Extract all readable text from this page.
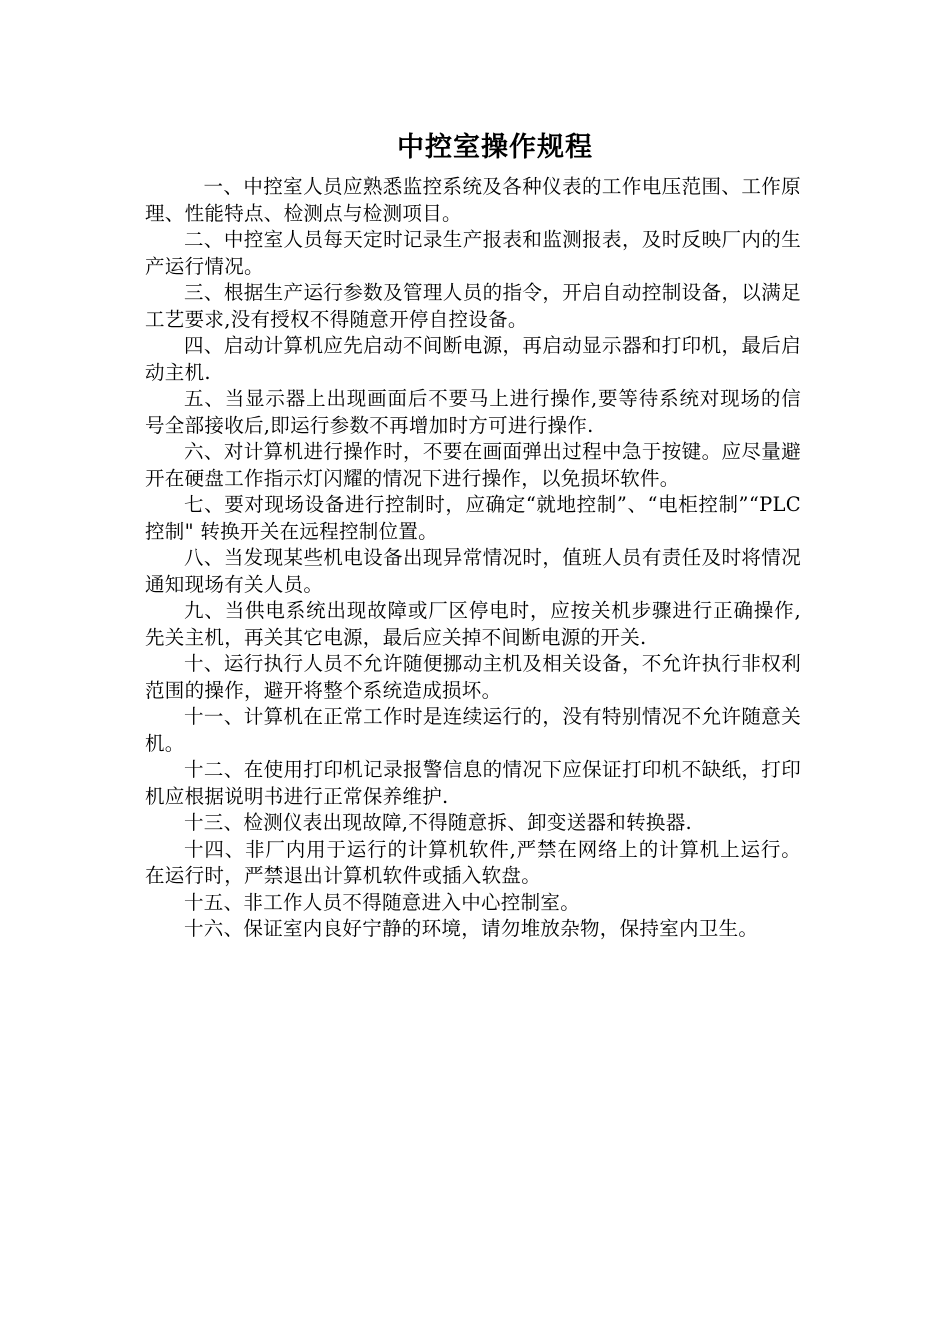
中控室操作规程

一、中控室人员应熟悉监控系统及各种仪表的工作电压范围、工作原理、性能特点、检测点与检测项目。

二、中控室人员每天定时记录生产报表和监测报表，及时反映厂内的生产运行情况。

三、根据生产运行参数及管理人员的指令，开启自动控制设备，以满足工艺要求,没有授权不得随意开停自控设备。

四、启动计算机应先启动不间断电源，再启动显示器和打印机，最后启动主机.

五、当显示器上出现画面后不要马上进行操作,要等待系统对现场的信号全部接收后,即运行参数不再增加时方可进行操作.

六、对计算机进行操作时，不要在画面弹出过程中急于按键。应尽量避开在硬盘工作指示灯闪耀的情况下进行操作，以免损坏软件。

七、要对现场设备进行控制时，应确定“就地控制”、“电柜控制”“PLC控制" 转换开关在远程控制位置。

八、当发现某些机电设备出现异常情况时，值班人员有责任及时将情况通知现场有关人员。

九、当供电系统出现故障或厂区停电时，应按关机步骤进行正确操作,先关主机，再关其它电源，最后应关掉不间断电源的开关.

十、运行执行人员不允许随便挪动主机及相关设备，不允许执行非权利范围的操作，避开将整个系统造成损坏。

十一、计算机在正常工作时是连续运行的，没有特别情况不允许随意关机。

十二、在使用打印机记录报警信息的情况下应保证打印机不缺纸，打印机应根据说明书进行正常保养维护.

十三、检测仪表出现故障,不得随意拆、卸变送器和转换器.

十四、非厂内用于运行的计算机软件,严禁在网络上的计算机上运行。在运行时，严禁退出计算机软件或插入软盘。

十五、非工作人员不得随意进入中心控制室。

十六、保证室内良好宁静的环境，请勿堆放杂物，保持室内卫生。
